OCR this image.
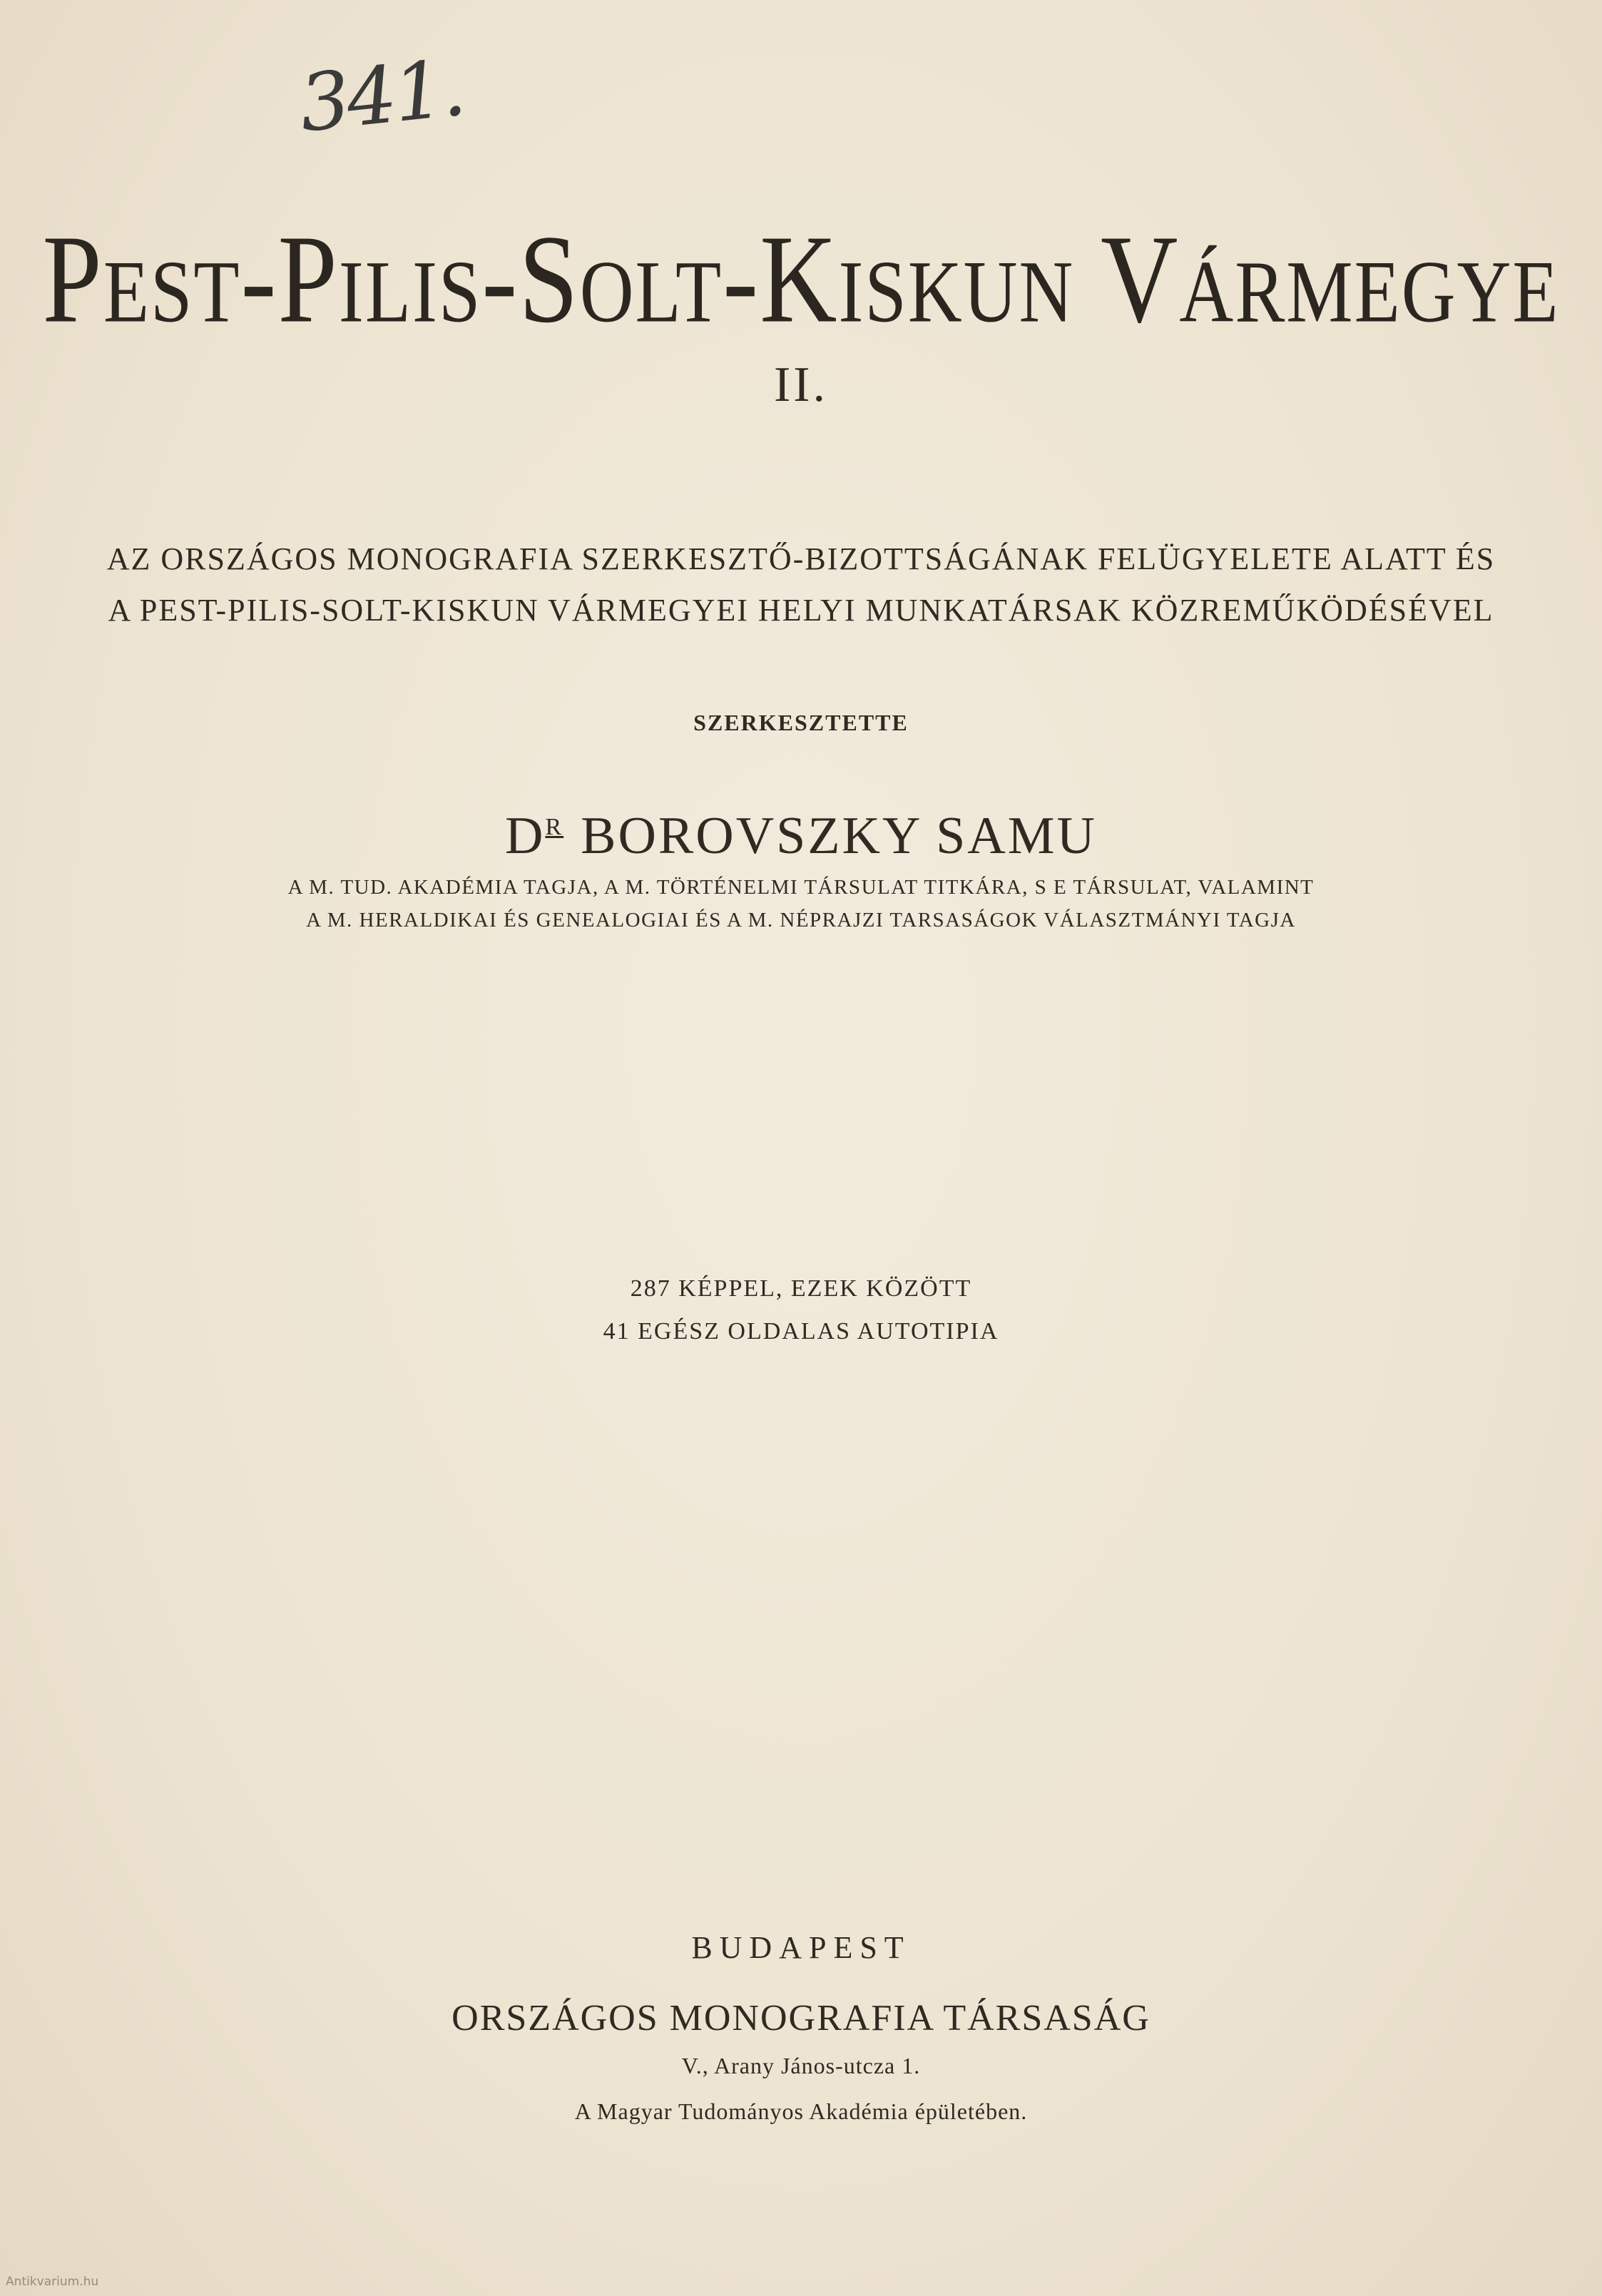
341.

Pest-Pilis-Solt-Kiskun Vármegye

II.

AZ ORSZÁGOS MONOGRAFIA SZERKESZTŐ-BIZOTTSÁGÁNAK FELÜGYELETE ALATT ÉS

A PEST-PILIS-SOLT-KISKUN VÁRMEGYEI HELYI MUNKATÁRSAK KÖZREMŰKÖDÉSÉVEL

SZERKESZTETTE

$D^R$ BOROVSZKY SAMU

A M. TUD. AKADÉMIA TAGJA, A M. TÖRTÉNELMI TÁRSULAT TITKÁRA, S E TÁRSULAT, VALAMINT

A M. HERALDIKAI ÉS GENEALOGIAI ÉS A M. NÉPRAJZI TARSASÁGOK VÁLASZTMÁNYI TAGJA

287 KÉPPEL, EZEK KÖZÖTT

41 EGÉSZ OLDALAS AUTOTIPIA

BUDAPEST

ORSZÁGOS MONOGRAFIA TÁRSASÁG

V., Arany János-utcza 1.

A Magyar Tudományos Akadémia épületében.

Antikvarium.hu
